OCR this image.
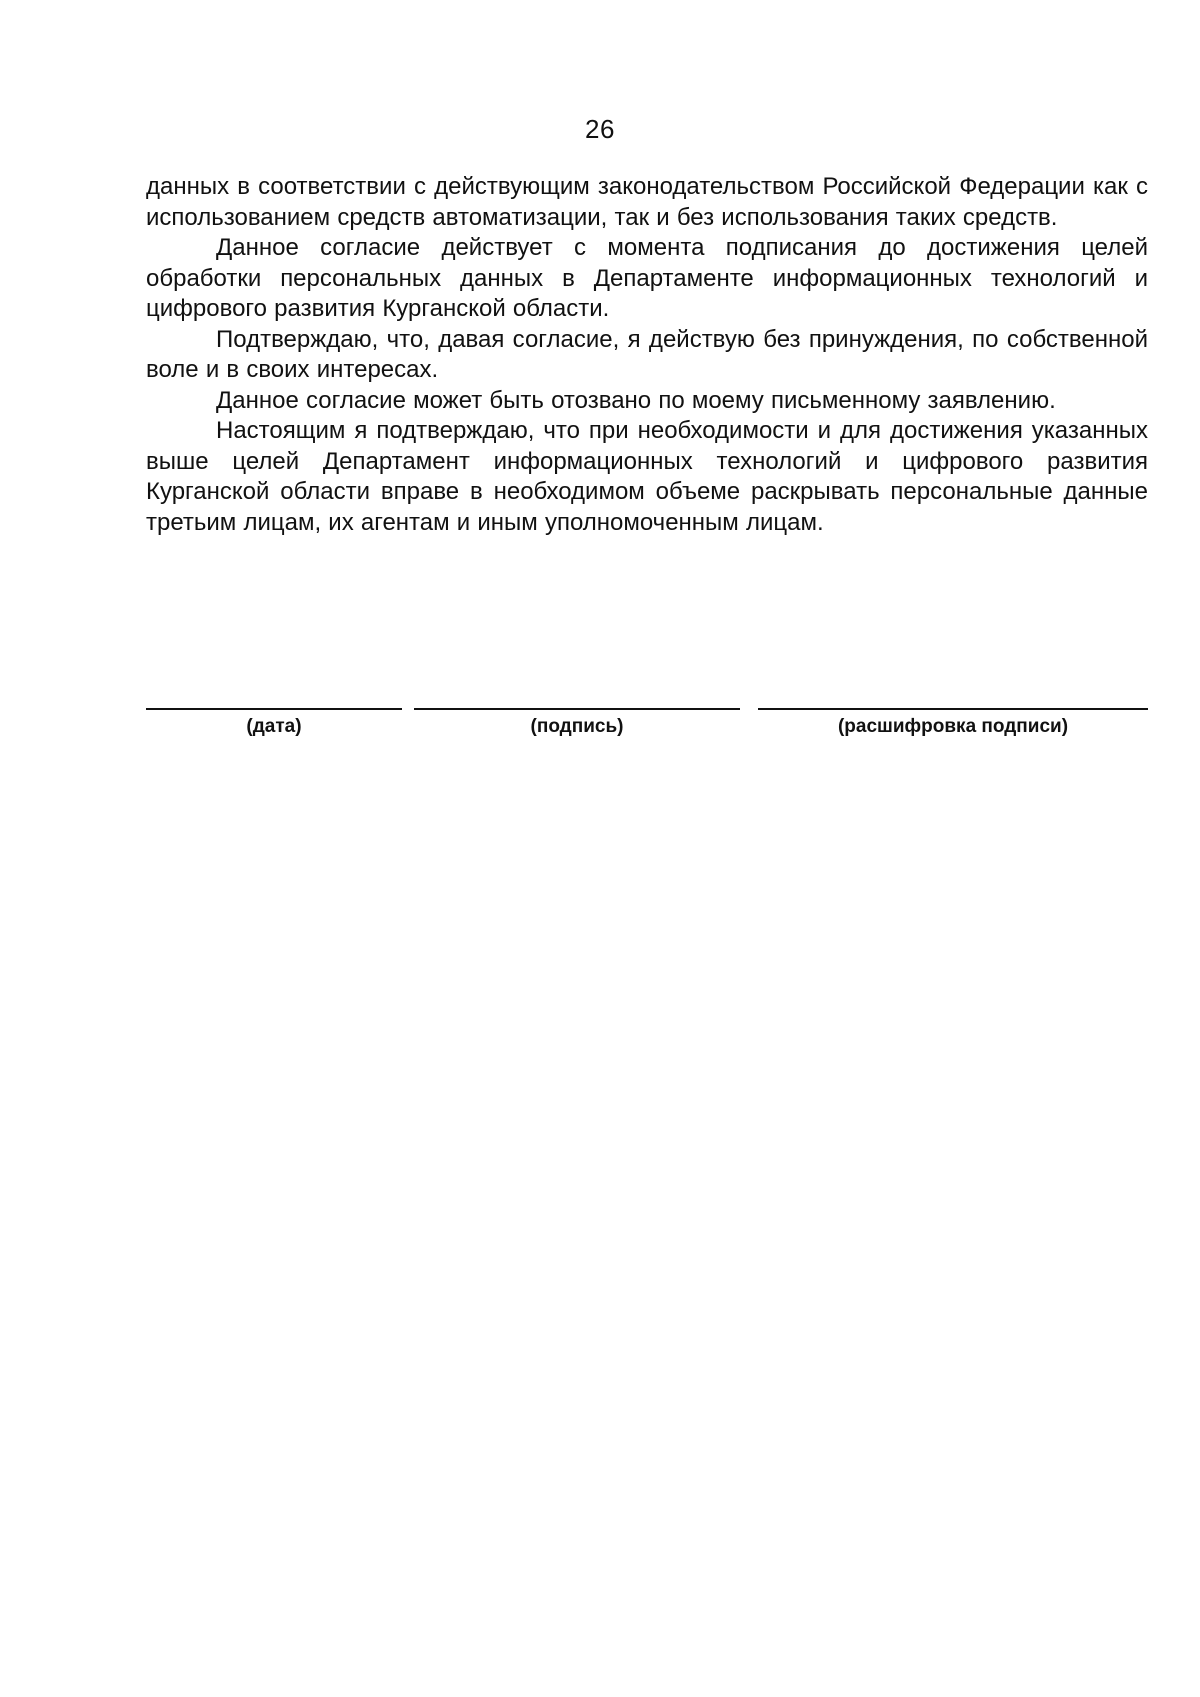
26

данных в соответствии с действующим законодательством Российской Федерации как с использованием средств автоматизации, так и без использования таких средств.

Данное согласие действует с момента подписания до достижения целей обработки персональных данных в Департаменте информационных технологий и цифрового развития Курганской области.

Подтверждаю, что, давая согласие, я действую без принуждения, по собственной воле и в своих интересах.

Данное согласие может быть отозвано по моему письменному заявлению.

Настоящим я подтверждаю, что при необходимости и для достижения указанных выше целей Департамент информационных технологий и цифрового развития Курганской области вправе в необходимом объеме раскрывать персональные данные третьим лицам, их агентам и иным уполномоченным лицам.

(дата)	(подпись)	(расшифровка подписи)
